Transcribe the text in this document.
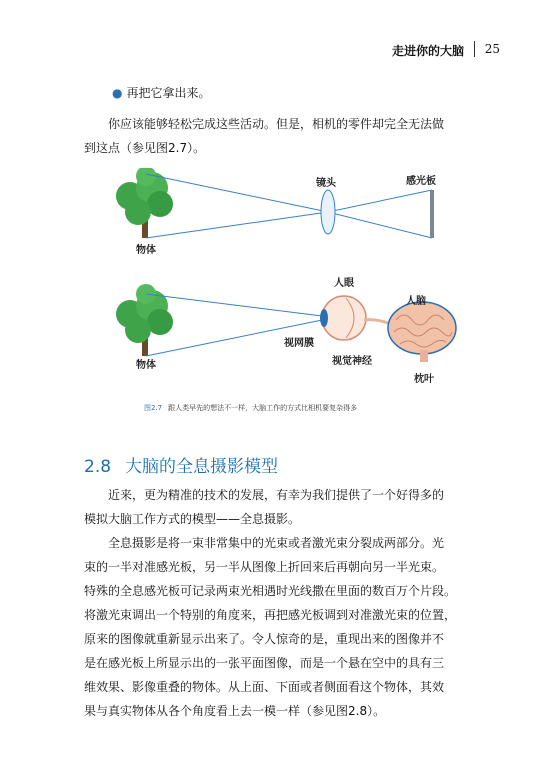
走进你的大脑 25
● 再把它拿出来。

你应该能够轻松完成这些活动。但是，相机的零件却完全无法做

到这点（参见图2.7）。

物体
镜头	感光板
人眼
人脑
视网膜
视觉神经
枕叶
物体
图2.7 跟人类早先的想法不一样，大脑工作的方式比相机要复杂得多
2.8 大脑的全息摄影模型

近来，更为精准的技术的发展，有幸为我们提供了一个好得多的

模拟大脑工作方式的模型——全息摄影。

全息摄影是将一束非常集中的光束或者激光束分裂成两部分。光

束的一半对准感光板，另一半从图像上折回来后再朝向另一半光束。

特殊的全息感光板可记录两束光相遇时光线撒在里面的数百万个片段。

将激光束调出一个特别的角度来，再把感光板调到对准激光束的位置，

原来的图像就重新显示出来了。令人惊奇的是，重现出来的图像并不

是在感光板上所显示出的一张平面图像，而是一个悬在空中的具有三

维效果、影像重叠的物体。从上面、下面或者侧面看这个物体，其效

果与真实物体从各个角度看上去一模一样（参见图2.8）。
